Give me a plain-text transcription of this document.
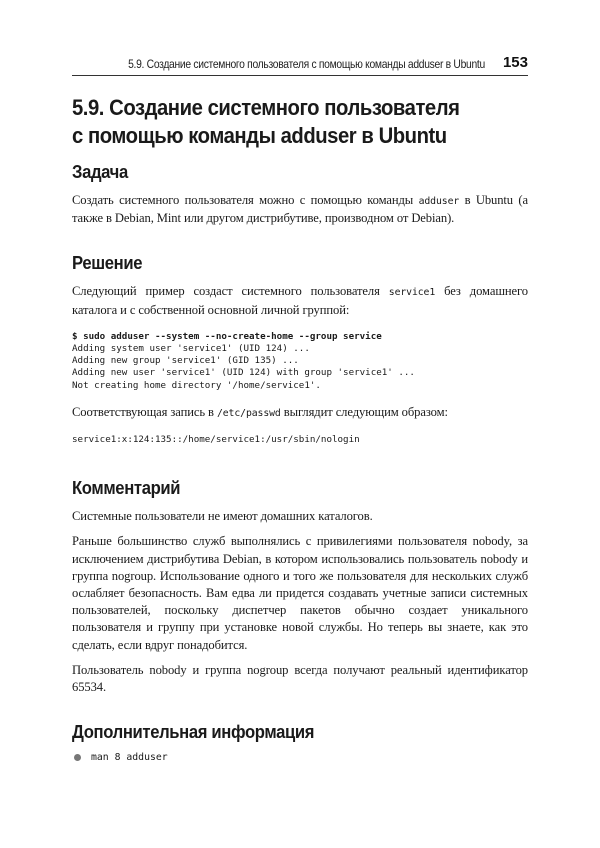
5.9. Создание системного пользователя с помощью команды adduser в Ubuntu 153
5.9. Создание системного пользователя
с помощью команды adduser в Ubuntu
Задача

Создать системного пользователя можно с помощью команды adduser в Ubuntu (а также в Debian, Mint или другом дистрибутиве, производном от Debian).

Решение

Следующий пример создаст системного пользователя service1 без домашнего каталога и с собственной основной личной группой:

$ sudo adduser --system --no-create-home --group service
Adding system user 'service1' (UID 124) ...
Adding new group 'service1' (GID 135) ...
Adding new user 'service1' (UID 124) with group 'service1' ...
Not creating home directory '/home/service1'.

Соответствующая запись в /etc/passwd выглядит следующим образом:

service1:x:124:135::/home/service1:/usr/sbin/nologin
Комментарий

Системные пользователи не имеют домашних каталогов.

Раньше большинство служб выполнялись с привилегиями пользователя nobody, за исключением дистрибутива Debian, в котором использовались пользователь nobody и группа nogroup. Использование одного и того же пользователя для нескольких служб ослабляет безопасность. Вам едва ли придется создавать учетные записи системных пользователей, поскольку диспетчер пакетов обычно создает уникального пользователя и группу при установке новой службы. Но теперь вы знаете, как это сделать, если вдруг понадобится.

Пользователь nobody и группа nogroup всегда получают реальный идентификатор 65534.

Дополнительная информация
man 8 adduser
